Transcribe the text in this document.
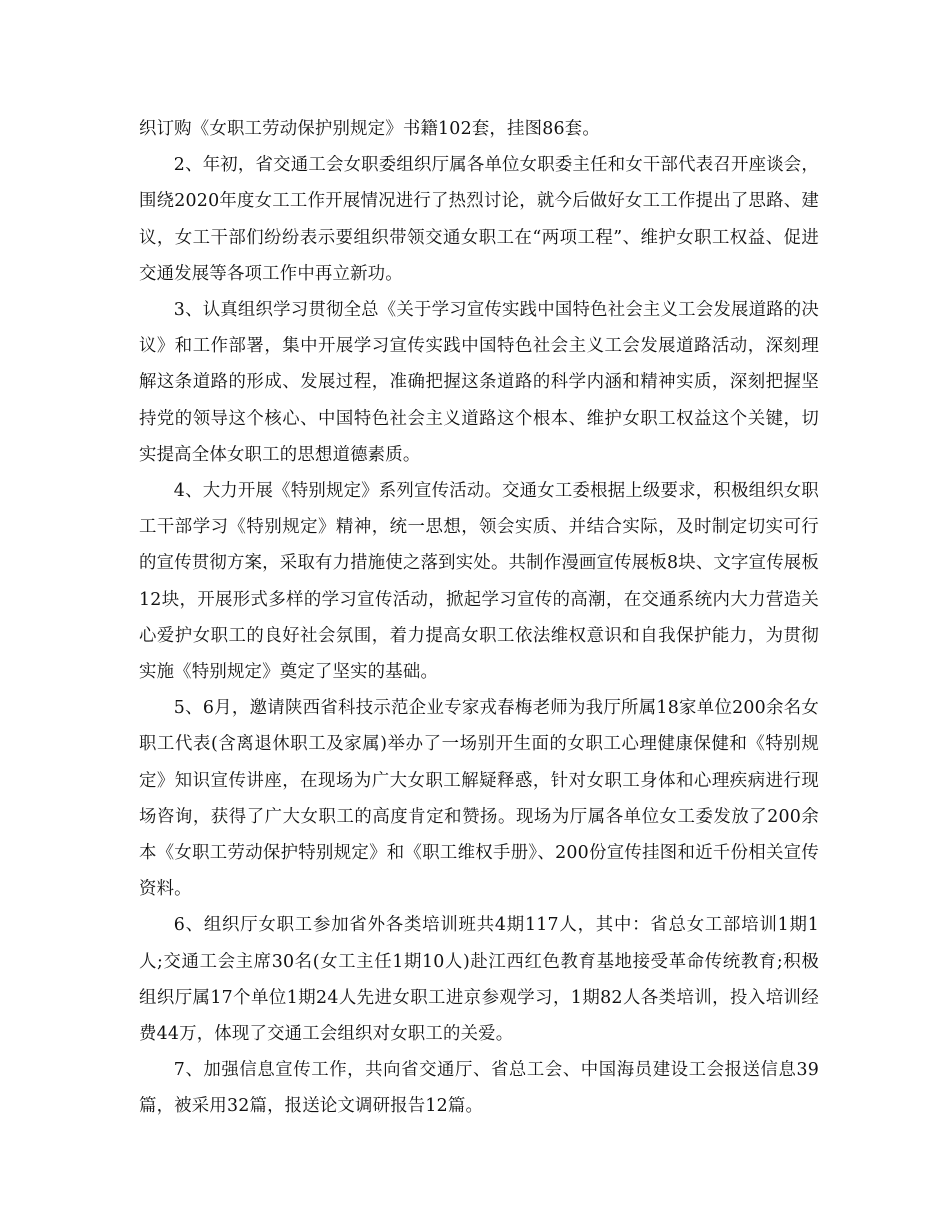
织订购《女职工劳动保护别规定》书籍102套，挂图86套。

2、年初，省交通工会女职委组织厅属各单位女职委主任和女干部代表召开座谈会，围绕2020年度女工工作开展情况进行了热烈讨论，就今后做好女工工作提出了思路、建议，女工干部们纷纷表示要组织带领交通女职工在“两项工程”、维护女职工权益、促进交通发展等各项工作中再立新功。

3、认真组织学习贯彻全总《关于学习宣传实践中国特色社会主义工会发展道路的决议》和工作部署，集中开展学习宣传实践中国特色社会主义工会发展道路活动，深刻理解这条道路的形成、发展过程，准确把握这条道路的科学内涵和精神实质，深刻把握坚持党的领导这个核心、中国特色社会主义道路这个根本、维护女职工权益这个关键，切实提高全体女职工的思想道德素质。

4、大力开展《特别规定》系列宣传活动。交通女工委根据上级要求，积极组织女职工干部学习《特别规定》精神，统一思想，领会实质、并结合实际，及时制定切实可行的宣传贯彻方案，采取有力措施使之落到实处。共制作漫画宣传展板8块、文字宣传展板12块，开展形式多样的学习宣传活动，掀起学习宣传的高潮，在交通系统内大力营造关心爱护女职工的良好社会氛围，着力提高女职工依法维权意识和自我保护能力，为贯彻实施《特别规定》奠定了坚实的基础。

5、6月，邀请陕西省科技示范企业专家戎春梅老师为我厅所属18家单位200余名女职工代表(含离退休职工及家属)举办了一场别开生面的女职工心理健康保健和《特别规定》知识宣传讲座，在现场为广大女职工解疑释惑，针对女职工身体和心理疾病进行现场咨询，获得了广大女职工的高度肯定和赞扬。现场为厅属各单位女工委发放了200余本《女职工劳动保护特别规定》和《职工维权手册》、200份宣传挂图和近千份相关宣传资料。

6、组织厅女职工参加省外各类培训班共4期117人，其中：省总女工部培训1期1人;交通工会主席30名(女工主任1期10人)赴江西红色教育基地接受革命传统教育;积极组织厅属17个单位1期24人先进女职工进京参观学习，1期82人各类培训，投入培训经费44万，体现了交通工会组织对女职工的关爱。

7、加强信息宣传工作，共向省交通厅、省总工会、中国海员建设工会报送信息39篇，被采用32篇，报送论文调研报告12篇。
